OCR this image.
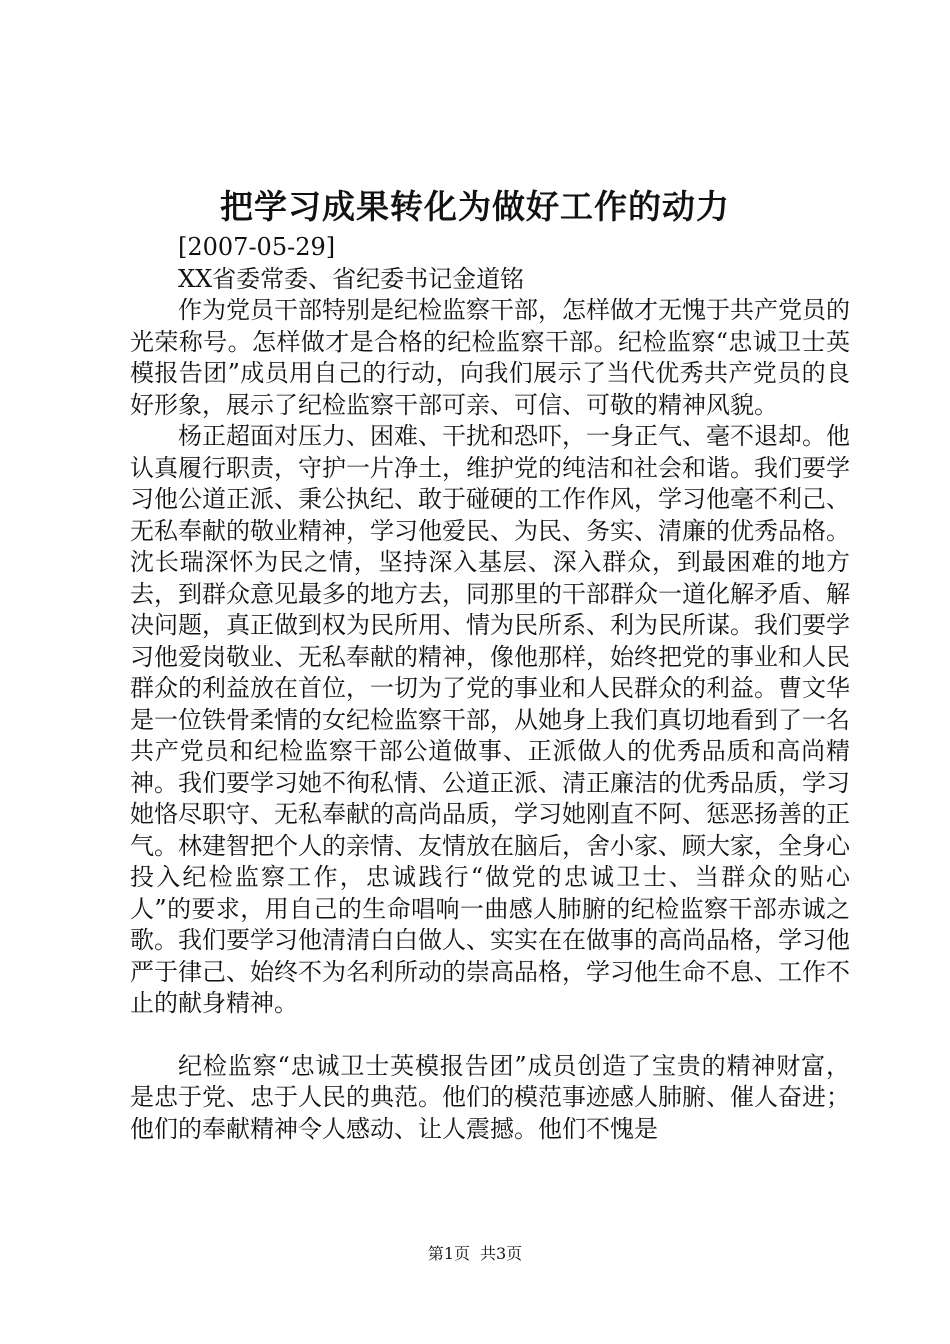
把学习成果转化为做好工作的动力
[2007-05-29]
XX省委常委、省纪委书记金道铭

作为党员干部特别是纪检监察干部，怎样做才无愧于共产党员的光荣称号。怎样做才是合格的纪检监察干部。纪检监察“忠诚卫士英模报告团”成员用自己的行动，向我们展示了当代优秀共产党员的良好形象，展示了纪检监察干部可亲、可信、可敬的精神风貌。

杨正超面对压力、困难、干扰和恐吓，一身正气、毫不退却。他认真履行职责，守护一片净土，维护党的纯洁和社会和谐。我们要学习他公道正派、秉公执纪、敢于碰硬的工作作风，学习他毫不利己、无私奉献的敬业精神，学习他爱民、为民、务实、清廉的优秀品格。沈长瑞深怀为民之情，坚持深入基层、深入群众，到最困难的地方去，到群众意见最多的地方去，同那里的干部群众一道化解矛盾、解决问题，真正做到权为民所用、情为民所系、利为民所谋。我们要学习他爱岗敬业、无私奉献的精神，像他那样，始终把党的事业和人民群众的利益放在首位，一切为了党的事业和人民群众的利益。曹文华是一位铁骨柔情的女纪检监察干部，从她身上我们真切地看到了一名共产党员和纪检监察干部公道做事、正派做人的优秀品质和高尚精神。我们要学习她不徇私情、公道正派、清正廉洁的优秀品质，学习她恪尽职守、无私奉献的高尚品质，学习她刚直不阿、惩恶扬善的正气。林建智把个人的亲情、友情放在脑后，舍小家、顾大家，全身心投入纪检监察工作，忠诚践行“做党的忠诚卫士、当群众的贴心人”的要求，用自己的生命唱响一曲感人肺腑的纪检监察干部赤诚之歌。我们要学习他清清白白做人、实实在在做事的高尚品格，学习他严于律己、始终不为名利所动的崇高品格，学习他生命不息、工作不止的献身精神。

纪检监察“忠诚卫士英模报告团”成员创造了宝贵的精神财富，是忠于党、忠于人民的典范。他们的模范事迹感人肺腑、催人奋进；他们的奉献精神令人感动、让人震撼。他们不愧是

第1页 共3页
